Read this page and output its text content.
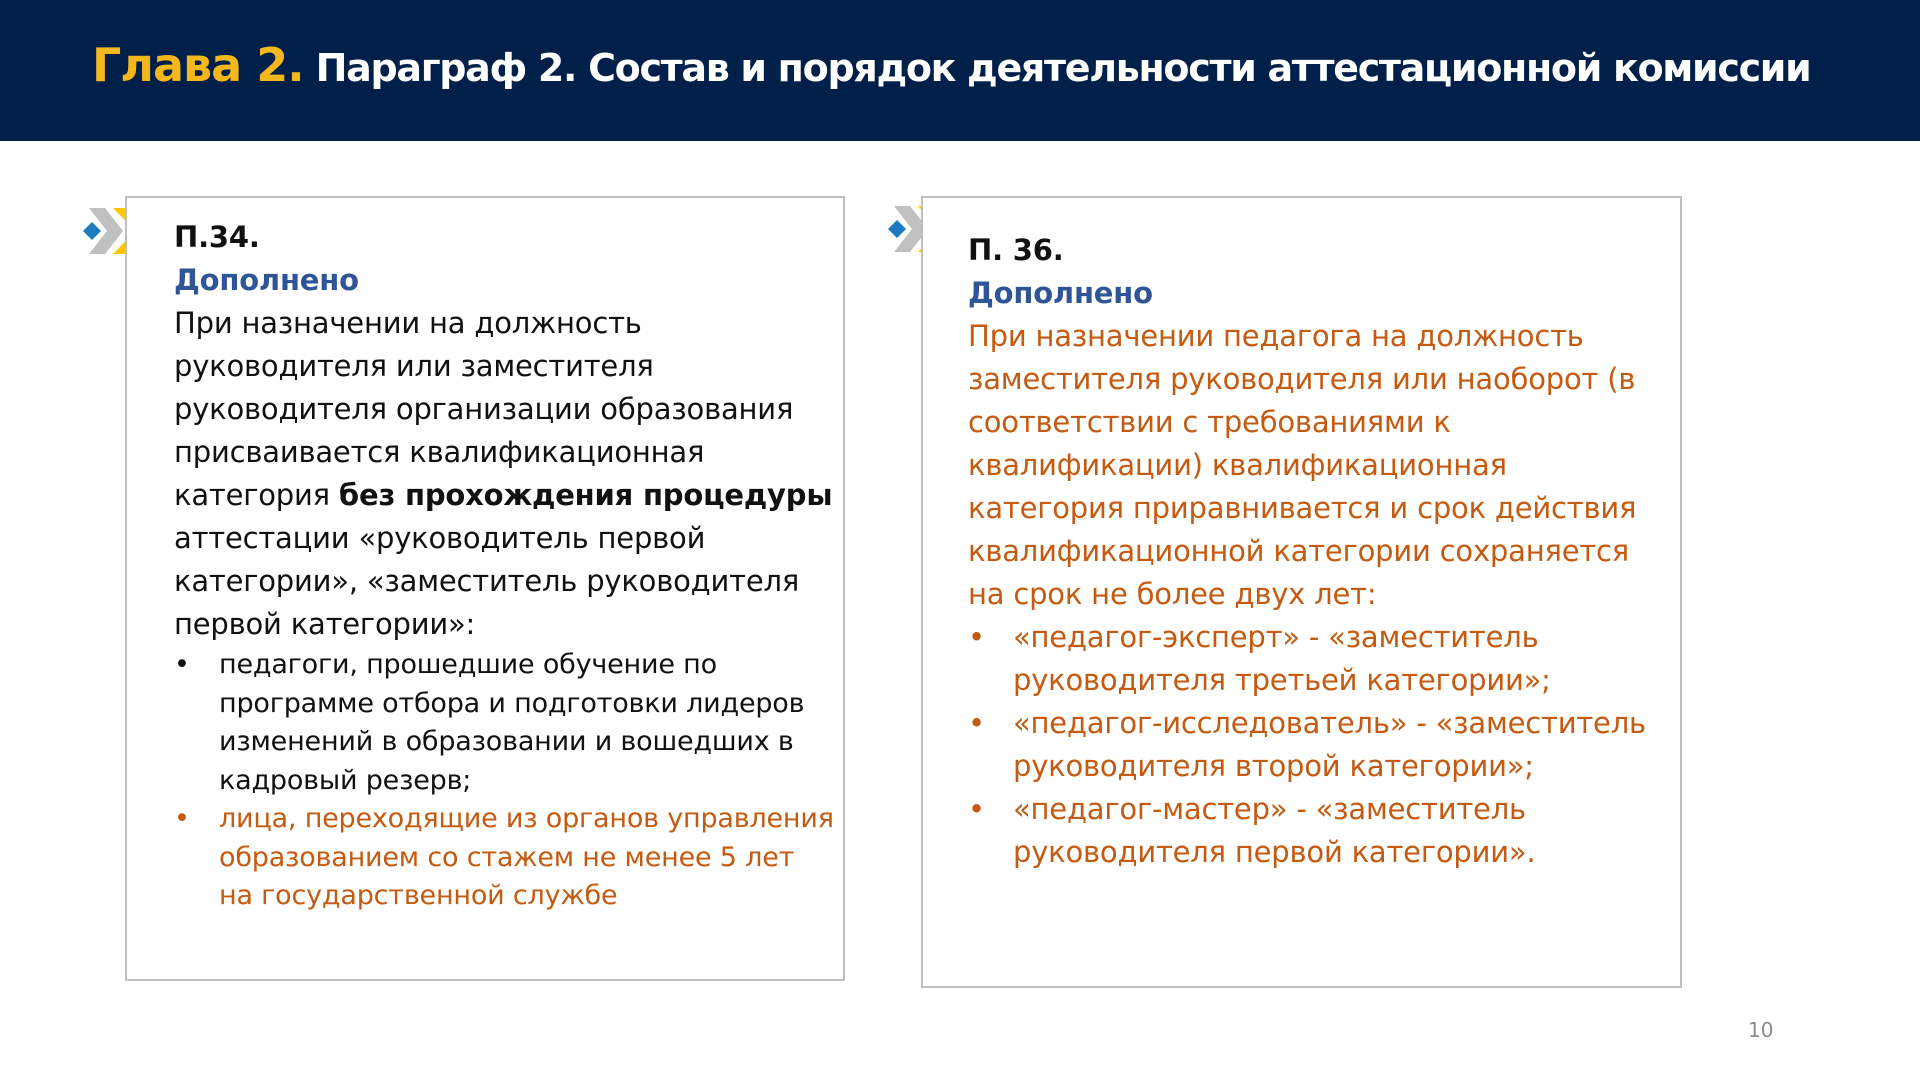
Глава 2. Параграф 2. Состав и порядок деятельности аттестационной комиссии
П.34.
Дополнено
При назначении на должность руководителя или заместителя руководителя организации образования присваивается квалификационная категория без прохождения процедуры аттестации «руководитель первой категории», «заместитель руководителя первой категории»:
• педагоги, прошедшие обучение по программе отбора и подготовки лидеров изменений в образовании и вошедших в кадровый резерв;
• лица, переходящие из органов управления образованием со стажем не менее 5 лет на государственной службе
П. 36.
Дополнено
При назначении педагога на должность заместителя руководителя или наоборот (в соответствии с требованиями к квалификации) квалификационная категория приравнивается и срок действия квалификационной категории сохраняется на срок не более двух лет:
• «педагог-эксперт» - «заместитель руководителя третьей категории»;
• «педагог-исследователь» - «заместитель руководителя второй категории»;
• «педагог-мастер» - «заместитель руководителя первой категории».
10
